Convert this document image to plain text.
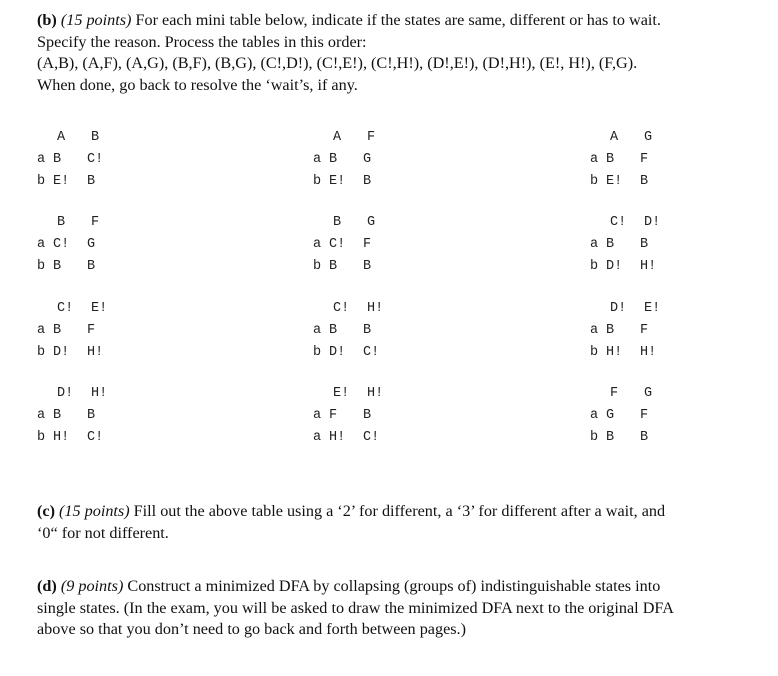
(b) (15 points) For each mini table below, indicate if the states are same, different or has to wait.
Specify the reason. Process the tables in this order:
(A,B), (A,F), (A,G), (B,F), (B,G), (C!,D!), (C!,E!), (C!,H!), (D!,E!), (D!,H!), (E!, H!), (F,G).
When done, go back to resolve the ‘wait’s, if any.
A B
a B C!
b E! B
A F
a B G
b E! B
A G
a B F
b E! B
B F
a C! G
b B B
B G
a C! F
b B B
C! D!
a B B
b D! H!
C! E!
a B F
b D! H!
C! H!
a B B
b D! C!
D! E!
a B F
b H! H!
D! H!
a B B
b H! C!
E! H!
a F B
a H! C!
F G
a G F
b B B
(c) (15 points) Fill out the above table using a ‘2’ for different, a ‘3’ for different after a wait, and
‘0“ for not different.
(d) (9 points) Construct a minimized DFA by collapsing (groups of) indistinguishable states into
single states. (In the exam, you will be asked to draw the minimized DFA next to the original DFA
above so that you don’t need to go back and forth between pages.)
